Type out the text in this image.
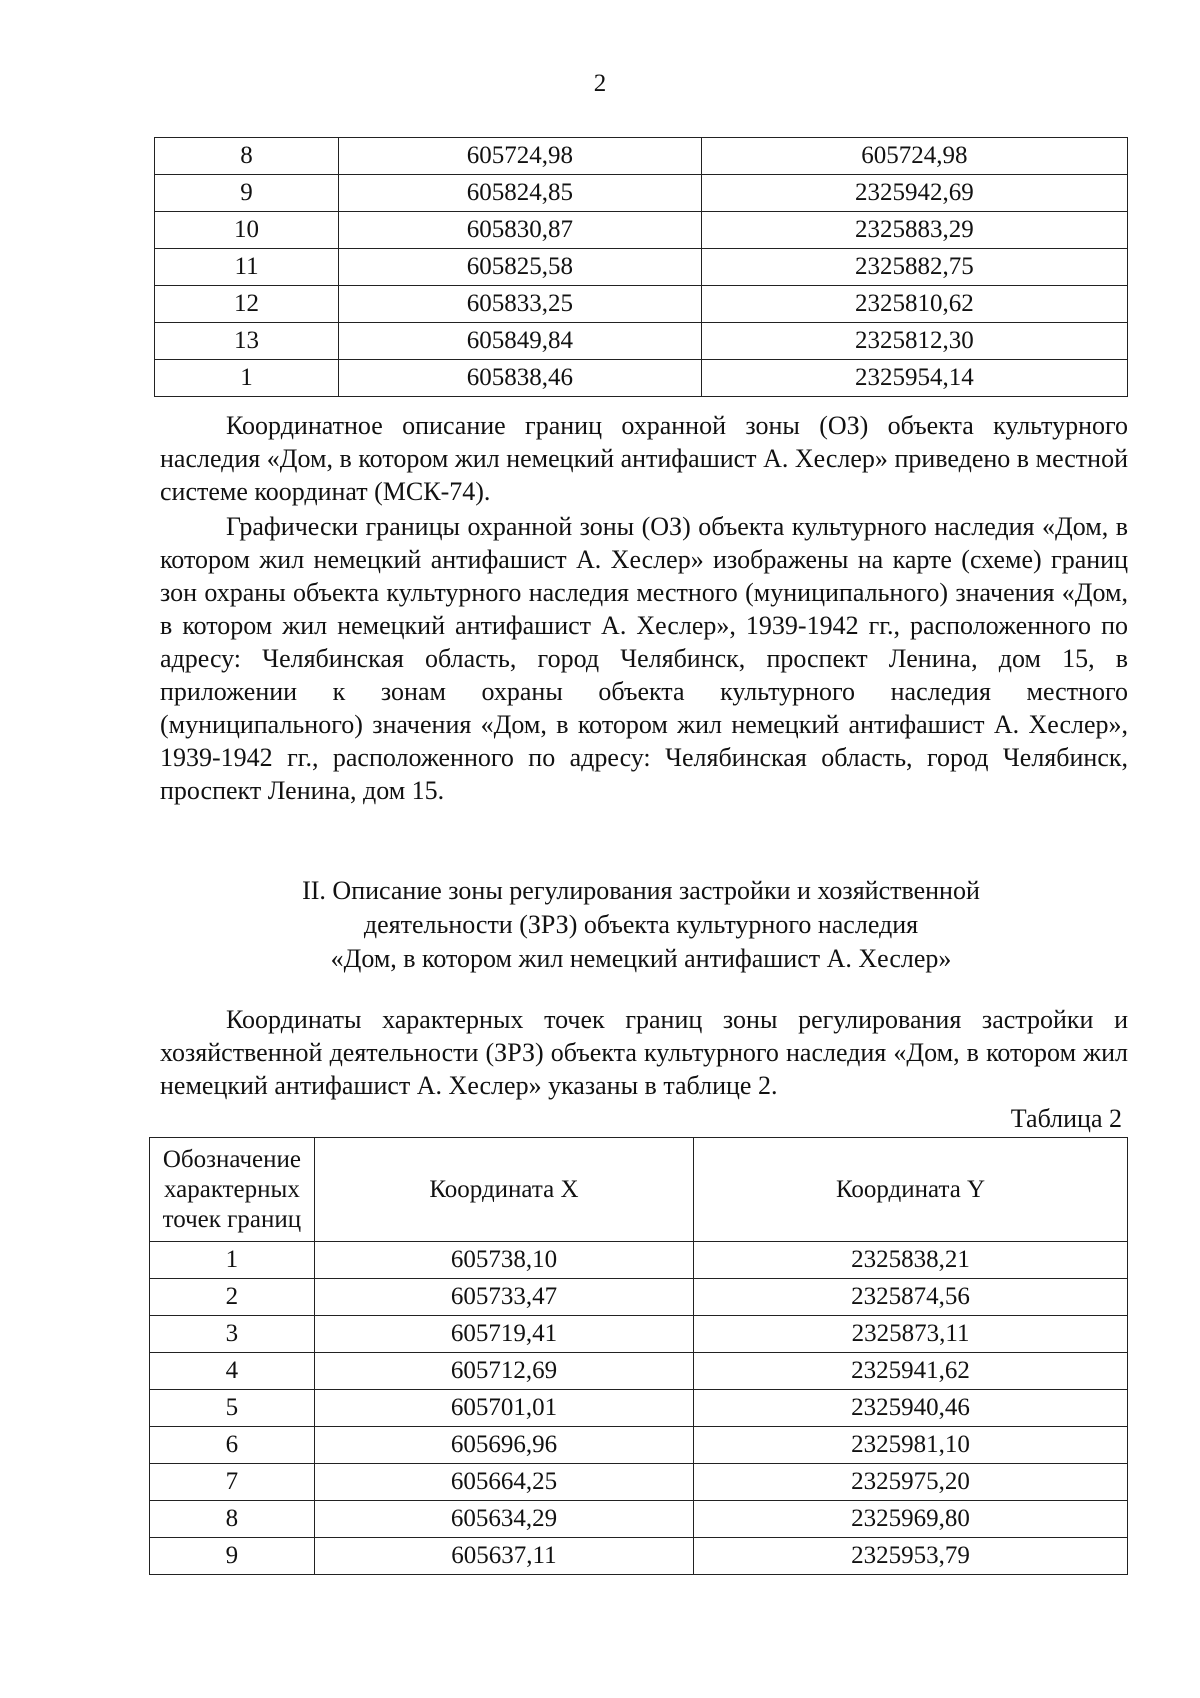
2
8	605724,98	605724,98
9	605824,85	2325942,69
10	605830,87	2325883,29
11	605825,58	2325882,75
12	605833,25	2325810,62
13	605849,84	2325812,30
1	605838,46	2325954,14

Координатное описание границ охранной зоны (ОЗ) объекта культурного наследия «Дом, в котором жил немецкий антифашист А. Хеслер» приведено в местной системе координат (МСК-74).

Графически границы охранной зоны (ОЗ) объекта культурного наследия «Дом, в котором жил немецкий антифашист А. Хеслер» изображены на карте (схеме) границ зон охраны объекта культурного наследия местного (муниципального) значения «Дом, в котором жил немецкий антифашист А. Хеслер», 1939-1942 гг., расположенного по адресу: Челябинская область, город Челябинск, проспект Ленина, дом 15, в приложении к зонам охраны объекта культурного наследия местного (муниципального) значения «Дом, в котором жил немецкий антифашист А. Хеслер», 1939-1942 гг., расположенного по адресу: Челябинская область, город Челябинск, проспект Ленина, дом 15.

II. Описание зоны регулирования застройки и хозяйственной
деятельности (ЗРЗ) объекта культурного наследия
«Дом, в котором жил немецкий антифашист А. Хеслер»

Координаты характерных точек границ зоны регулирования застройки и хозяйственной деятельности (ЗРЗ) объекта культурного наследия «Дом, в котором жил немецкий антифашист А. Хеслер» указаны в таблице 2.

Таблица 2
Обозначение
характерных
точек границ	Координата X	Координата Y
1	605738,10	2325838,21
2	605733,47	2325874,56
3	605719,41	2325873,11
4	605712,69	2325941,62
5	605701,01	2325940,46
6	605696,96	2325981,10
7	605664,25	2325975,20
8	605634,29	2325969,80
9	605637,11	2325953,79
